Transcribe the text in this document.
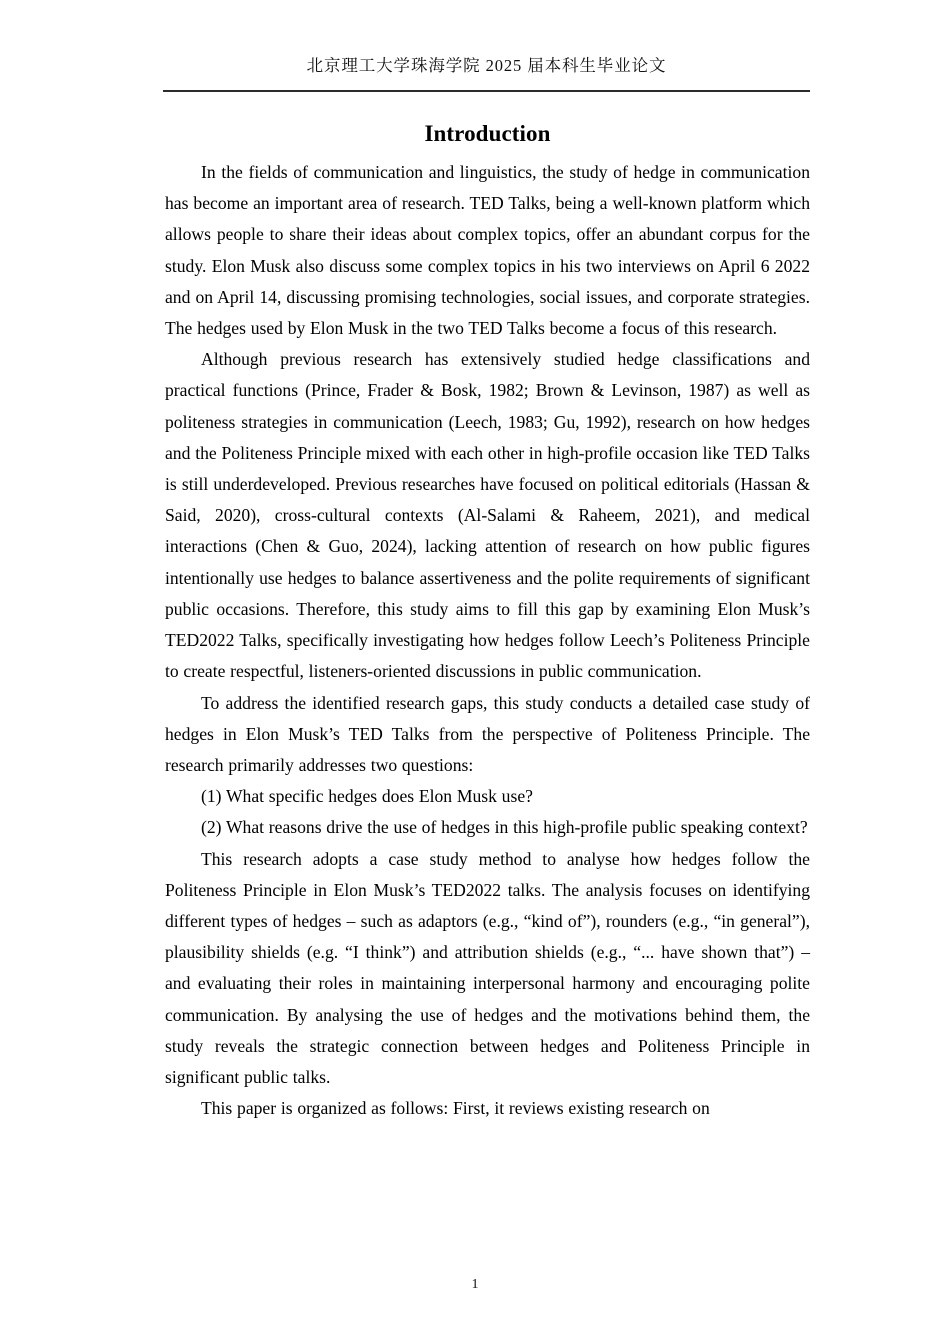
北京理工大学珠海学院 2025 届本科生毕业论文
Introduction

In the fields of communication and linguistics, the study of hedge in communication has become an important area of research. TED Talks, being a well-known platform which allows people to share their ideas about complex topics, offer an abundant corpus for the study. Elon Musk also discuss some complex topics in his two interviews on April 6 2022 and on April 14, discussing promising technologies, social issues, and corporate strategies. The hedges used by Elon Musk in the two TED Talks become a focus of this research.

Although previous research has extensively studied hedge classifications and practical functions (Prince, Frader & Bosk, 1982; Brown & Levinson, 1987) as well as politeness strategies in communication (Leech, 1983; Gu, 1992), research on how hedges and the Politeness Principle mixed with each other in high-profile occasion like TED Talks is still underdeveloped. Previous researches have focused on political editorials (Hassan & Said, 2020), cross-cultural contexts (Al-Salami & Raheem, 2021), and medical interactions (Chen & Guo, 2024), lacking attention of research on how public figures intentionally use hedges to balance assertiveness and the polite requirements of significant public occasions. Therefore, this study aims to fill this gap by examining Elon Musk’s TED2022 Talks, specifically investigating how hedges follow Leech’s Politeness Principle to create respectful, listeners-oriented discussions in public communication.

To address the identified research gaps, this study conducts a detailed case study of hedges in Elon Musk’s TED Talks from the perspective of Politeness Principle. The research primarily addresses two questions:

(1) What specific hedges does Elon Musk use?

(2) What reasons drive the use of hedges in this high-profile public speaking context?

This research adopts a case study method to analyse how hedges follow the Politeness Principle in Elon Musk’s TED2022 talks. The analysis focuses on identifying different types of hedges – such as adaptors (e.g., “kind of”), rounders (e.g., “in general”), plausibility shields (e.g. “I think”) and attribution shields (e.g., “... have shown that”) – and evaluating their roles in maintaining interpersonal harmony and encouraging polite communication. By analysing the use of hedges and the motivations behind them, the study reveals the strategic connection between hedges and Politeness Principle in significant public talks.

This paper is organized as follows: First, it reviews existing research on

1
